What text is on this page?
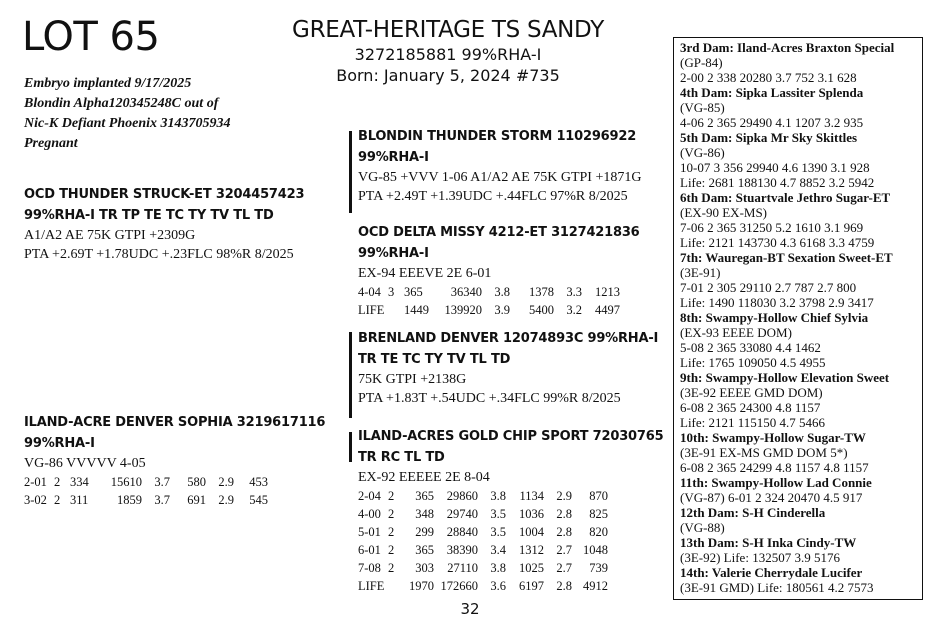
LOT 65	GREAT-HERITAGE TS SANDY
3272185881 99%RHA-I
Born: January 5, 2024 #735
Embryo implanted 9/17/2025
Blondin Alpha120345248C out of
Nic-K Defiant Phoenix 3143705934
Pregnant
OCD THUNDER STRUCK-ET 3204457423
99%RHA-I TR TP TE TC TY TV TL TD
A1/A2 AE 75K GTPI +2309G
PTA +2.69T +1.78UDC +.23FLC 98%R 8/2025
ILAND-ACRE DENVER SOPHIA 3219617116
99%RHA-I
VG-86 VVVVV 4-05
2-01	2	334	15610	3.7	580	2.9	453
3-02	2	311	1859	3.7	691	2.9	545
BLONDIN THUNDER STORM 110296922
99%RHA-I
VG-85 +VVV 1-06 A1/A2 AE 75K GTPI +1871G
PTA +2.49T +1.39UDC +.44FLC 97%R 8/2025
OCD DELTA MISSY 4212-ET 3127421836
99%RHA-I
EX-94 EEEVE 2E 6-01
4-04	3	365	36340	3.8	1378	3.3	1213
LIFE		1449	139920	3.9	5400	3.2	4497
BRENLAND DENVER 12074893C 99%RHA-I
TR TE TC TY TV TL TD
75K GTPI +2138G
PTA +1.83T +.54UDC +.34FLC 99%R 8/2025
ILAND-ACRES GOLD CHIP SPORT 72030765
TR RC TL TD
EX-92 EEEEE 2E 8-04
2-04	2	365	29860	3.8	1134	2.9	870
4-00	2	348	29740	3.5	1036	2.8	825
5-01	2	299	28840	3.5	1004	2.8	820
6-01	2	365	38390	3.4	1312	2.7	1048
7-08	2	303	27110	3.8	1025	2.7	739
LIFE		1970	172660	3.6	6197	2.8	4912
3rd Dam: Iland-Acres Braxton Special
(GP-84)
2-00 2 338 20280 3.7 752 3.1 628
4th Dam: Sipka Lassiter Splenda
(VG-85)
4-06 2 365 29490 4.1 1207 3.2 935
5th Dam: Sipka Mr Sky Skittles
(VG-86)
10-07 3 356 29940 4.6 1390 3.1 928
Life: 2681 188130 4.7 8852 3.2 5942
6th Dam: Stuartvale Jethro Sugar-ET
(EX-90 EX-MS)
7-06 2 365 31250 5.2 1610 3.1 969
Life: 2121 143730 4.3 6168 3.3 4759
7th: Wauregan-BT Sexation Sweet-ET
(3E-91)
7-01 2 305 29110 2.7 787 2.7 800
Life: 1490 118030 3.2 3798 2.9 3417
8th: Swampy-Hollow Chief Sylvia
(EX-93 EEEE DOM)
5-08 2 365 33080 4.4 1462
Life: 1765 109050 4.5 4955
9th: Swampy-Hollow Elevation Sweet
(3E-92 EEEE GMD DOM)
6-08 2 365 24300 4.8 1157
Life: 2121 115150 4.7 5466
10th: Swampy-Hollow Sugar-TW
(3E-91 EX-MS GMD DOM 5*)
6-08 2 365 24299 4.8 1157 4.8 1157
11th: Swampy-Hollow Lad Connie
(VG-87) 6-01 2 324 20470 4.5 917
12th Dam: S-H Cinderella
(VG-88)
13th Dam: S-H Inka Cindy-TW
(3E-92) Life: 132507 3.9 5176
14th: Valerie Cherrydale Lucifer
(3E-91 GMD) Life: 180561 4.2 7573
32
